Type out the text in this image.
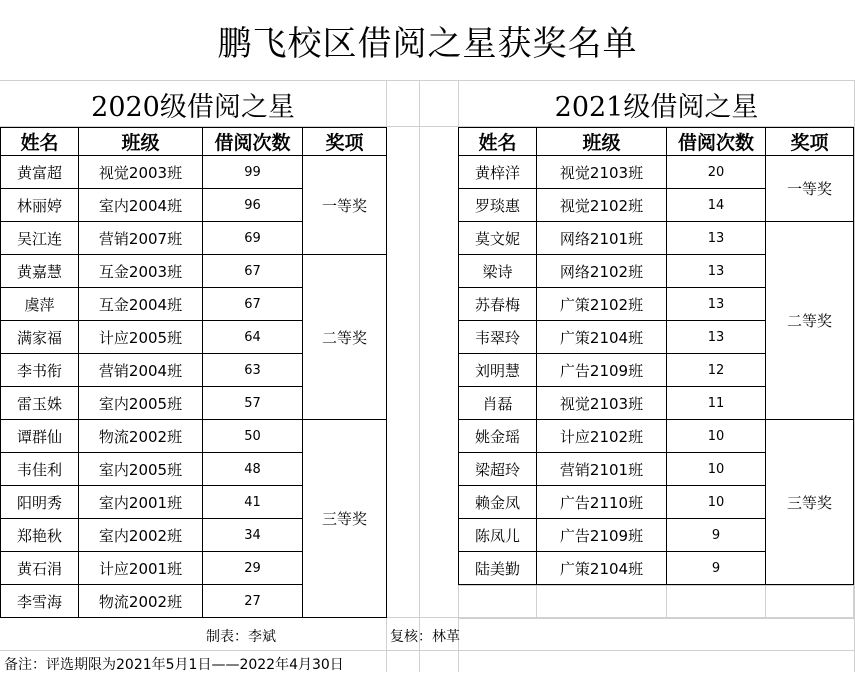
鹏飞校区借阅之星获奖名单
2020级借阅之星	2021级借阅之星
姓名	班级	借阅次数	奖项
黄富超	视觉2003班	99	一等奖
林丽婷	室内2004班	96	
吴江连	营销2007班	69	
黄嘉慧	互金2003班	67	二等奖
虞萍	互金2004班	67	
满家福	计应2005班	64	
李书衔	营销2004班	63	
雷玉姝	室内2005班	57	
谭群仙	物流2002班	50	三等奖
韦佳利	室内2005班	48	
阳明秀	室内2001班	41	
郑艳秋	室内2002班	34	
黄石涓	计应2001班	29	
李雪海	物流2002班	27	
姓名	班级	借阅次数	奖项
黄梓洋	视觉2103班	20	一等奖
罗琰惠	视觉2102班	14	
莫文妮	网络2101班	13	二等奖
梁诗	网络2102班	13	
苏春梅	广策2102班	13	
韦翠玲	广策2104班	13	
刘明慧	广告2109班	12	
肖磊	视觉2103班	11	
姚金瑶	计应2102班	10	三等奖
梁超玲	营销2101班	10	
赖金凤	广告2110班	10	
陈凤儿	广告2109班	9	
陆美勤	广策2104班	9	

制表：李斌	复核：林革
备注：评选期限为2021年5月1日——2022年4月30日
